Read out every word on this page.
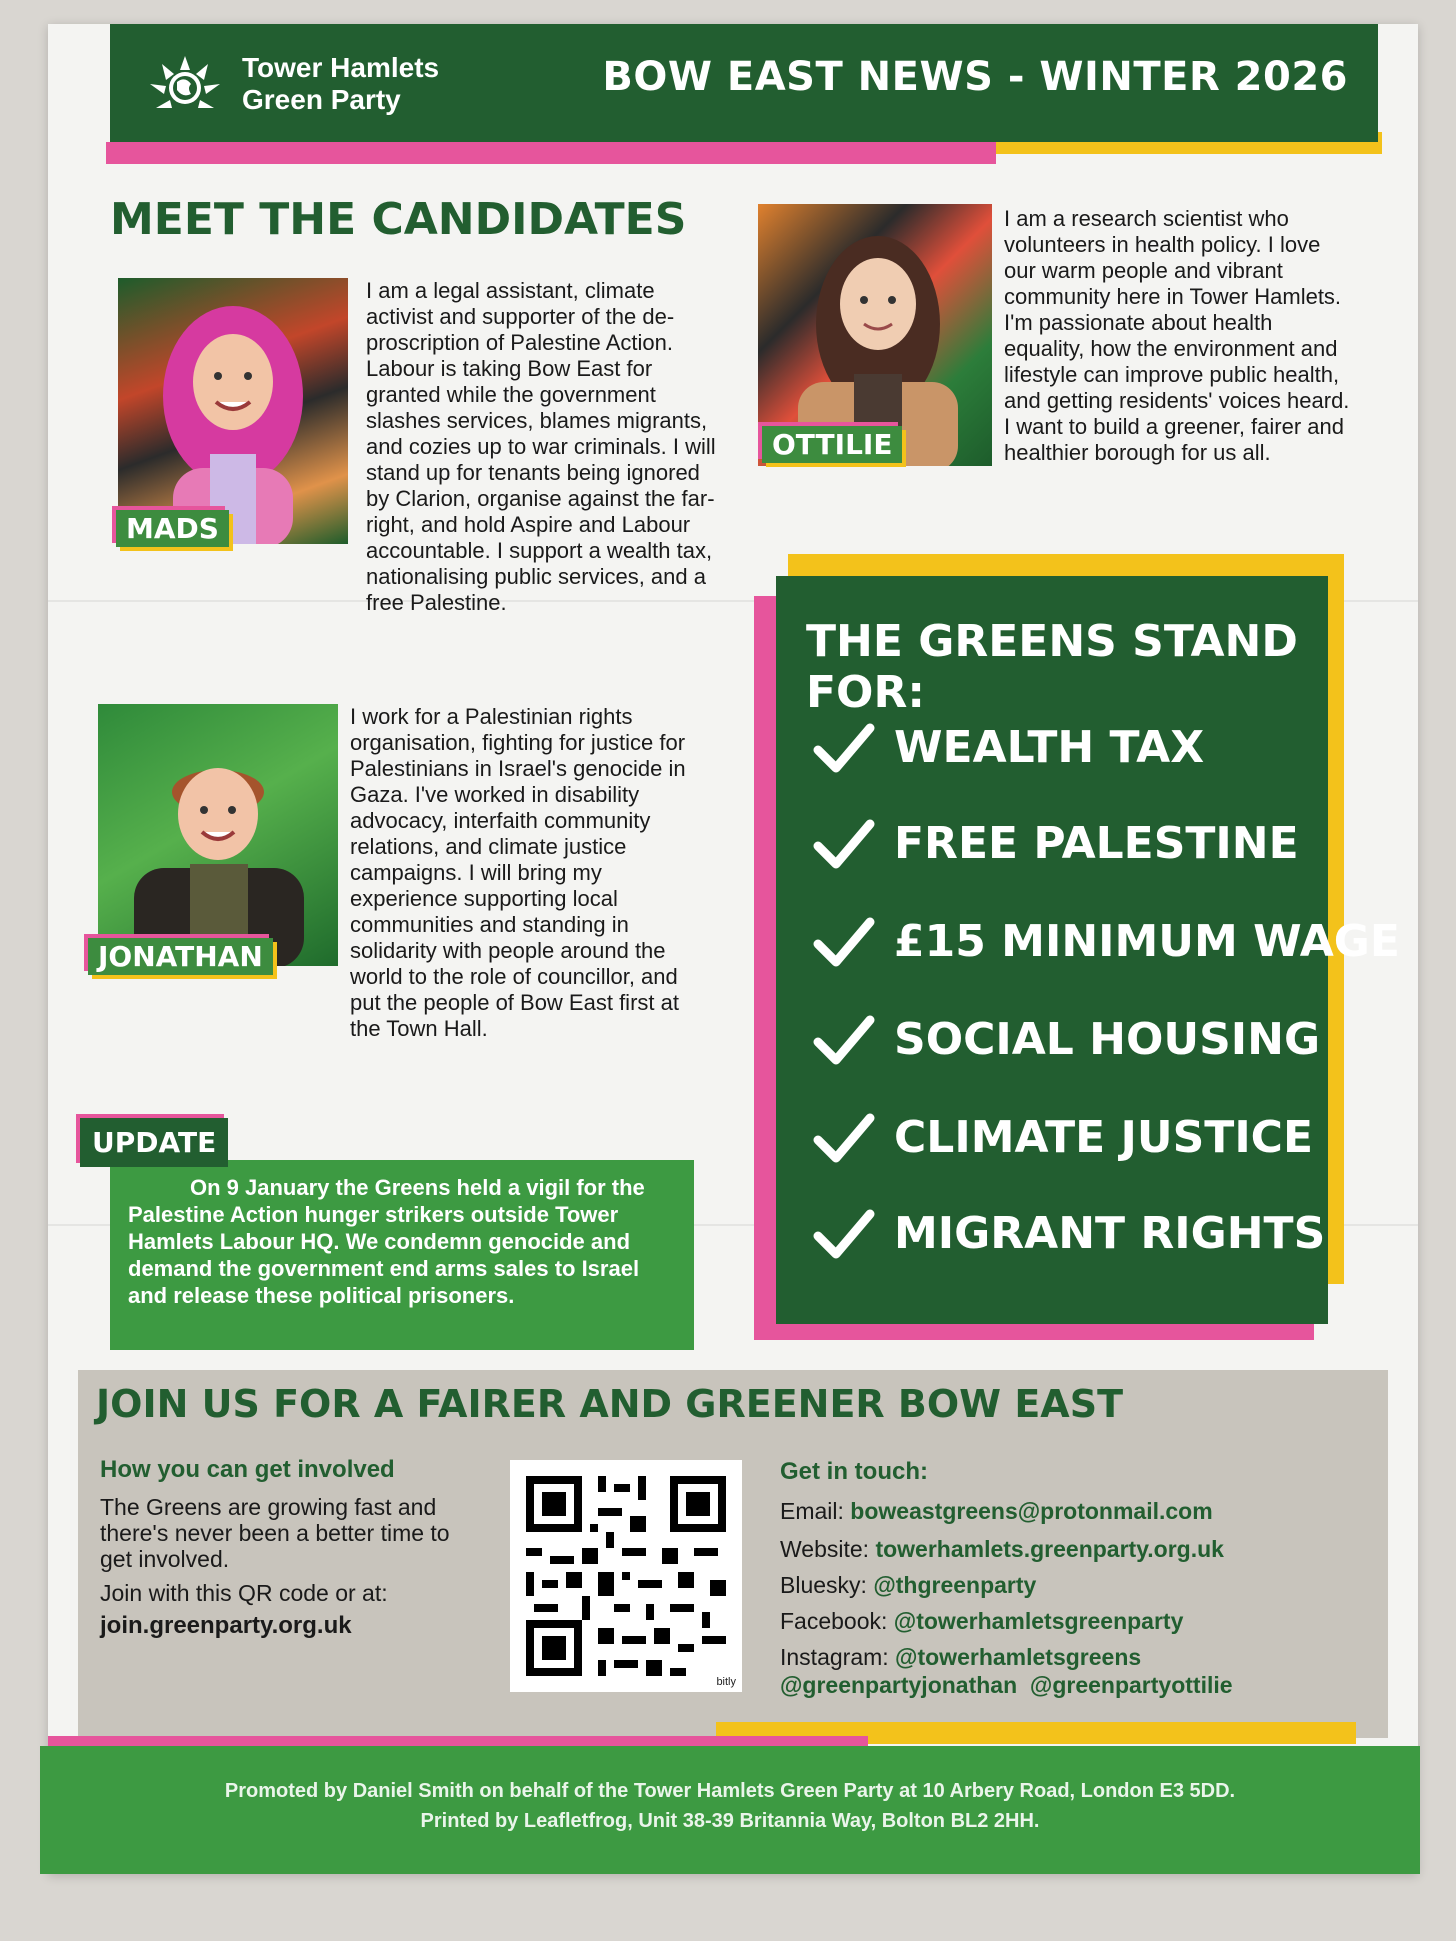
Tower Hamlets
Green Party	BOW EAST NEWS - WINTER 2026
MEET THE CANDIDATES
MADS
I am a legal assistant, climate activist and supporter of the de-proscription of Palestine Action. Labour is taking Bow East for granted while the government slashes services, blames migrants, and cozies up to war criminals. I will stand up for tenants being ignored by Clarion, organise against the far-right, and hold Aspire and Labour accountable. I support a wealth tax, nationalising public services, and a free Palestine.
OTTILIE
I am a research scientist who volunteers in health policy. I love our warm people and vibrant community here in Tower Hamlets. I'm passionate about health equality, how the environment and lifestyle can improve public health, and getting residents' voices heard. I want to build a greener, fairer and healthier borough for us all.
JONATHAN
I work for a Palestinian rights organisation, fighting for justice for Palestinians in Israel's genocide in Gaza. I've worked in disability advocacy, interfaith community relations, and climate justice campaigns. I will bring my experience supporting local communities and standing in solidarity with people around the world to the role of councillor, and put the people of Bow East first at the Town Hall.
UPDATE
On 9 January the Greens held a vigil for the Palestine Action hunger strikers outside Tower Hamlets Labour HQ. We condemn genocide and demand the government end arms sales to Israel and release these political prisoners.
THE GREENS STAND FOR:
WEALTH TAX
FREE PALESTINE
£15 MINIMUM WAGE
SOCIAL HOUSING
CLIMATE JUSTICE
MIGRANT RIGHTS
JOIN US FOR A FAIRER AND GREENER BOW EAST
How you can get involved
The Greens are growing fast and there's never been a better time to get involved.
Join with this QR code or at:
join.greenparty.org.uk
bitly
Get in touch:
Email: boweastgreens@protonmail.com
Website: towerhamlets.greenparty.org.uk
Bluesky: @thgreenparty
Facebook: @towerhamletsgreenparty
Instagram: @towerhamletsgreens
@greenpartyjonathan  @greenpartyottilie
Promoted by Daniel Smith on behalf of the Tower Hamlets Green Party at 10 Arbery Road, London E3 5DD.
Printed by Leafletfrog, Unit 38-39 Britannia Way, Bolton BL2 2HH.
